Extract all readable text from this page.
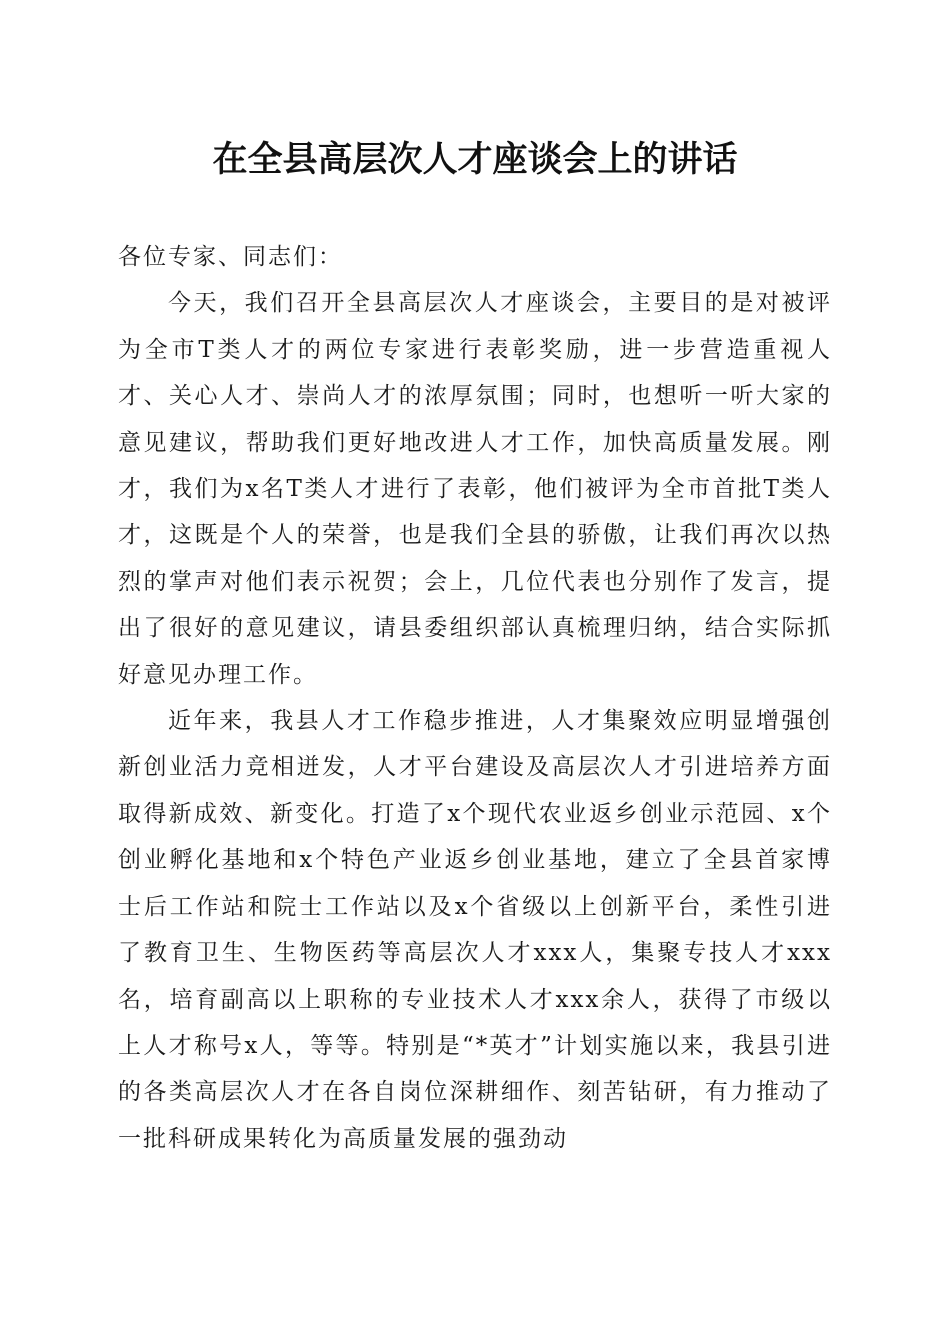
在全县高层次人才座谈会上的讲话

各位专家、同志们：

今天，我们召开全县高层次人才座谈会，主要目的是对被评为全市T类人才的两位专家进行表彰奖励，进一步营造重视人才、关心人才、崇尚人才的浓厚氛围；同时，也想听一听大家的意见建议，帮助我们更好地改进人才工作，加快高质量发展。刚才，我们为x名T类人才进行了表彰，他们被评为全市首批T类人才，这既是个人的荣誉，也是我们全县的骄傲，让我们再次以热烈的掌声对他们表示祝贺；会上，几位代表也分别作了发言，提出了很好的意见建议，请县委组织部认真梳理归纳，结合实际抓好意见办理工作。

近年来，我县人才工作稳步推进，人才集聚效应明显增强创新创业活力竞相迸发，人才平台建设及高层次人才引进培养方面取得新成效、新变化。打造了x个现代农业返乡创业示范园、x个创业孵化基地和x个特色产业返乡创业基地，建立了全县首家博士后工作站和院士工作站以及x个省级以上创新平台，柔性引进了教育卫生、生物医药等高层次人才xxx人，集聚专技人才xxx名，培育副高以上职称的专业技术人才xxx余人，获得了市级以上人才称号x人，等等。特别是“*英才”计划实施以来，我县引进的各类高层次人才在各自岗位深耕细作、刻苦钻研，有力推动了一批科研成果转化为高质量发展的强劲动
